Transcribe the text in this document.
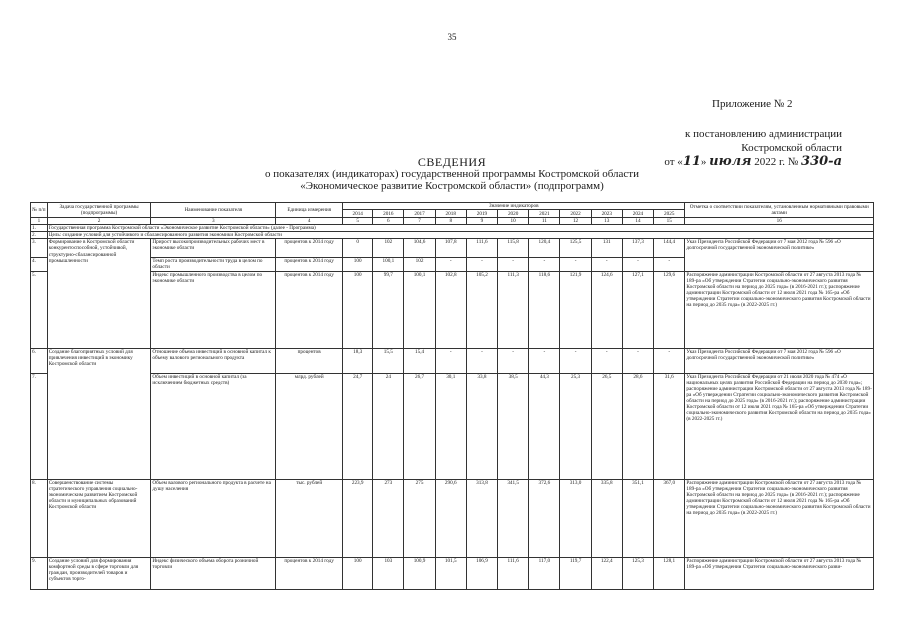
35
Приложение № 2
к постановлению администрации
Костромской области
от «11» июля 2022 г. № 330-а
СВЕДЕНИЯ
о показателях (индикаторах) государственной программы Костромской области
«Экономическое развитие Костромской области» (подпрограмм)
№ п/п	Задача государственной программы (подпрограммы)	Наименование показателя	Единица измерения	Значение индикаторов											Отметка о соответствии показателям, установленным нормативными правовыми актами
				2014	2016	2017	2018	2019	2020	2021	2022	2023	2024	2025	
1	2	3	4	5	6	7	8	9	10	11	12	13	14	15	16
1.	Государственная программа Костромской области «Экономическое развитие Костромской области» (далее - Программа)														
2.	Цель: создание условий для устойчивого и сбалансированного развития экономики Костромской области														
3.	Формирование в Костромской области конкурентоспособной, устойчивой, структурно-сбалансированной промышленности	Прирост высокопроизводительных рабочих мест в экономике области	процентов к 2014 году	0	102	104,6	107,8	111,6	115,8	120,4	125,5	131	137,3	144,4	Указ Президента Российской Федерации от 7 мая 2012 года № 596 «О долгосрочной государственной экономической политике»
4.		Темп роста производительности труда в целом по области	процентов к 2014 году	100	100,1	102	-	-	-	-	-	-	-	-	
5.		Индекс промышленного производства в целом по экономике области	процентов к 2014 году	100	99,7	100,1	102,8	105,2	111,3	118,6	121,9	124,6	127,1	129,6	Распоряжение администрации Костромской области от 27 августа 2013 года № 189-ра «Об утверждении Стратегии социально-экономического развития Костромской области на период до 2025 года» (в 2016-2021 гг.); распоряжение администрации Костромской области от 12 июля 2021 года № 165-ра «Об утверждении Стратегии социально-экономического развития Костромской области на период до 2035 года» (в 2022-2025 гг.)
6.	Создание благоприятных условий для привлечения инвестиций в экономику Костромской области	Отношение объема инвестиций в основной капитал к объему валового регионального продукта	процентов	18,3	15,5	15,4	-	-	-	-	-	-	-	-	Указ Президента Российской Федерации от 7 мая 2012 года № 596 «О долгосрочной государственной экономической политике»
7.		Объем инвестиций в основной капитал (за исключением бюджетных средств)	млрд. рублей	24,7	24	26,7	30,1	33,8	38,5	44,3	25,3	26,5	28,6	31,6	Указ Президента Российской Федерации от 21 июля 2020 года № 474 «О национальных целях развития Российской Федерации на период до 2030 года»; распоряжение администрации Костромской области от 27 августа 2013 года № 189-ра «Об утверждении Стратегии социально-экономического развития Костромской области на период до 2025 года» (в 2016-2021 гг.); распоряжение администрации Костромской области от 12 июля 2021 года № 165-ра «Об утверждении Стратегии социально-экономического развития Костромской области на период до 2035 года» (в 2022-2025 гг.)
8.	Совершенствование системы стратегического управления социально-экономическим развитием Костромской области и муниципальных образований Костромской области	Объем валового регионального продукта в расчете на душу населения	тыс. рублей	223,9	273	275	290,6	313,8	341,5	372,6	313,0	335,8	351,1	367,0	Распоряжение администрации Костромской области от 27 августа 2013 года № 189-ра «Об утверждении Стратегии социально-экономического развития Костромской области на период до 2025 года» (в 2016-2021 гг.); распоряжение администрации Костромской области от 12 июля 2021 года № 165-ра «Об утверждении Стратегии социально-экономического развития Костромской области на период до 2035 года» (в 2022-2025 гг.)
9.	Создание условий для формирования комфортной среды в сфере торговли для граждан, производителей товаров и субъектов торго-	Индекс физического объема оборота розничной торговли	процентов к 2014 году	100	103	100,9	101,5	106,9	111,6	117,0	119,7	122,4	125,3	128,1	Распоряжение администрации Костромской области от 27 августа 2013 года № 189-ра «Об утверждении Стратегии социально-экономического разви-
